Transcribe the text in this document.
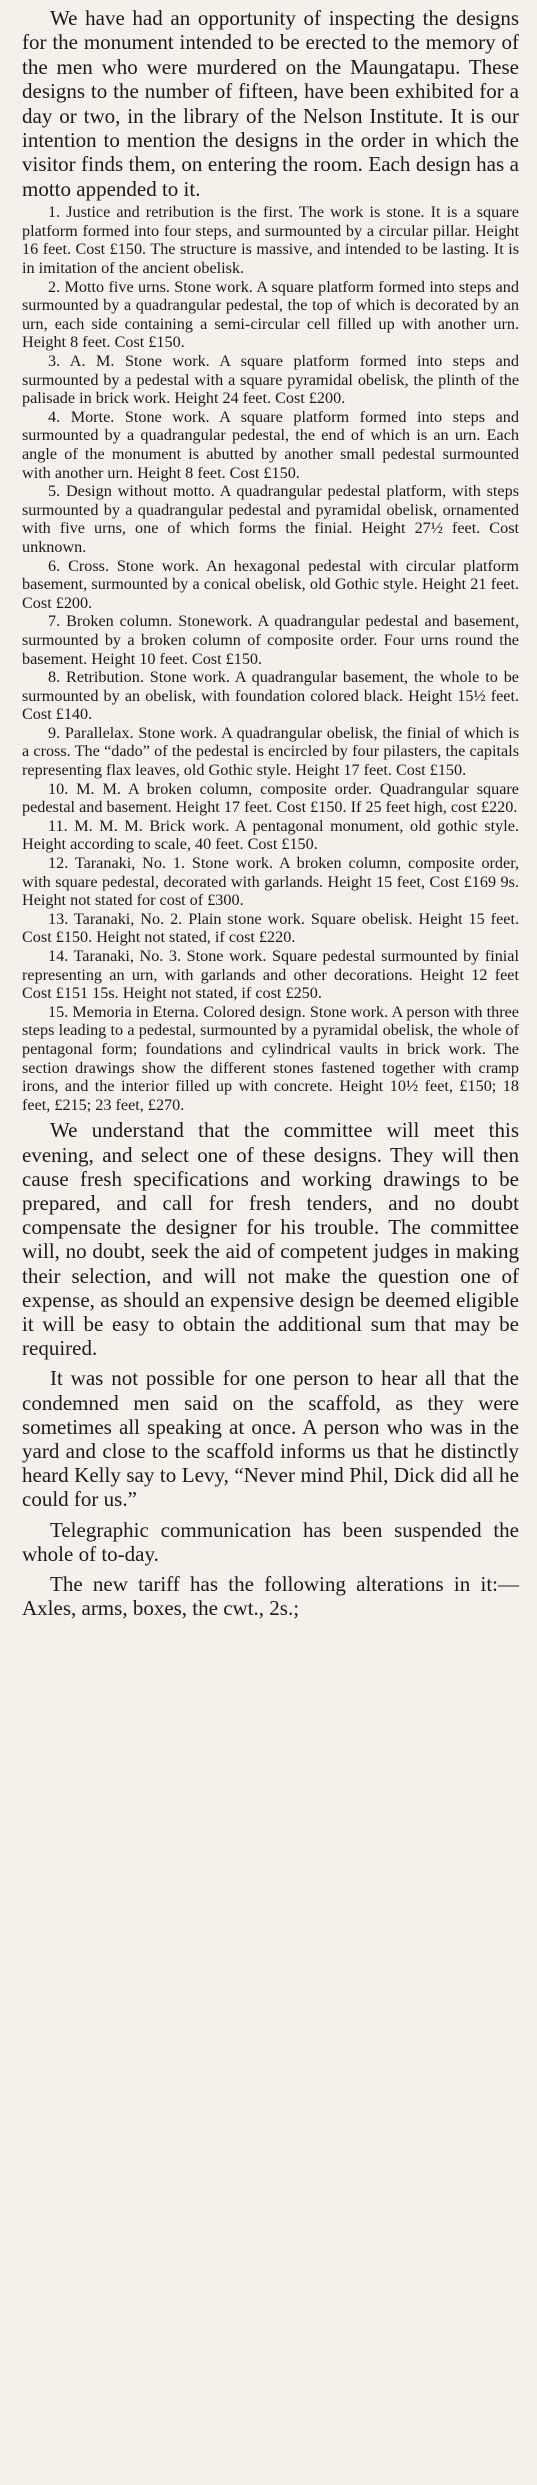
We have had an opportunity of inspecting the designs for the monument intended to be erected to the memory of the men who were murdered on the Maungatapu. These designs to the number of fifteen, have been exhibited for a day or two, in the library of the Nelson Institute. It is our intention to mention the designs in the order in which the visitor finds them, on entering the room. Each design has a motto appended to it.

1. Justice and retribution is the first. The work is stone. It is a square platform formed into four steps, and surmounted by a circular pillar. Height 16 feet. Cost £150. The structure is massive, and intended to be lasting. It is in imitation of the ancient obelisk.

2. Motto five urns. Stone work. A square platform formed into steps and surmounted by a quadrangular pedestal, the top of which is decorated by an urn, each side containing a semi-circular cell filled up with another urn. Height 8 feet. Cost £150.

3. A. M. Stone work. A square platform formed into steps and surmounted by a pedestal with a square pyramidal obelisk, the plinth of the palisade in brick work. Height 24 feet. Cost £200.

4. Morte. Stone work. A square platform formed into steps and surmounted by a quadrangular pedestal, the end of which is an urn. Each angle of the monument is abutted by another small pedestal surmounted with another urn. Height 8 feet. Cost £150.

5. Design without motto. A quadrangular pedestal platform, with steps surmounted by a quadrangular pedestal and pyramidal obelisk, ornamented with five urns, one of which forms the finial. Height 27½ feet. Cost unknown.

6. Cross. Stone work. An hexagonal pedestal with circular platform basement, surmounted by a conical obelisk, old Gothic style. Height 21 feet. Cost £200.

7. Broken column. Stonework. A quadrangular pedestal and basement, surmounted by a broken column of composite order. Four urns round the basement. Height 10 feet. Cost £150.

8. Retribution. Stone work. A quadrangular basement, the whole to be surmounted by an obelisk, with foundation colored black. Height 15½ feet. Cost £140.

9. Parallelax. Stone work. A quadrangular obelisk, the finial of which is a cross. The “dado” of the pedestal is encircled by four pilasters, the capitals representing flax leaves, old Gothic style. Height 17 feet. Cost £150.

10. M. M. A broken column, composite order. Quadrangular square pedestal and basement. Height 17 feet. Cost £150. If 25 feet high, cost £220.

11. M. M. M. Brick work. A pentagonal monument, old gothic style. Height according to scale, 40 feet. Cost £150.

12. Taranaki, No. 1. Stone work. A broken column, composite order, with square pedestal, decorated with garlands. Height 15 feet, Cost £169 9s. Height not stated for cost of £300.

13. Taranaki, No. 2. Plain stone work. Square obelisk. Height 15 feet. Cost £150. Height not stated, if cost £220.

14. Taranaki, No. 3. Stone work. Square pedestal surmounted by finial representing an urn, with garlands and other decorations. Height 12 feet Cost £151 15s. Height not stated, if cost £250.

15. Memoria in Eterna. Colored design. Stone work. A person with three steps leading to a pedestal, surmounted by a pyramidal obelisk, the whole of pentagonal form; foundations and cylindrical vaults in brick work. The section drawings show the different stones fastened together with cramp irons, and the interior filled up with concrete. Height 10½ feet, £150; 18 feet, £215; 23 feet, £270.

We understand that the committee will meet this evening, and select one of these designs. They will then cause fresh specifications and working drawings to be prepared, and call for fresh tenders, and no doubt compensate the designer for his trouble. The committee will, no doubt, seek the aid of competent judges in making their selection, and will not make the question one of expense, as should an expensive design be deemed eligible it will be easy to obtain the additional sum that may be required.

It was not possible for one person to hear all that the condemned men said on the scaffold, as they were sometimes all speaking at once. A person who was in the yard and close to the scaffold informs us that he distinctly heard Kelly say to Levy, “Never mind Phil, Dick did all he could for us.”

Telegraphic communication has been suspended the whole of to-day.

The new tariff has the following alterations in it:—Axles, arms, boxes, the cwt., 2s.;
